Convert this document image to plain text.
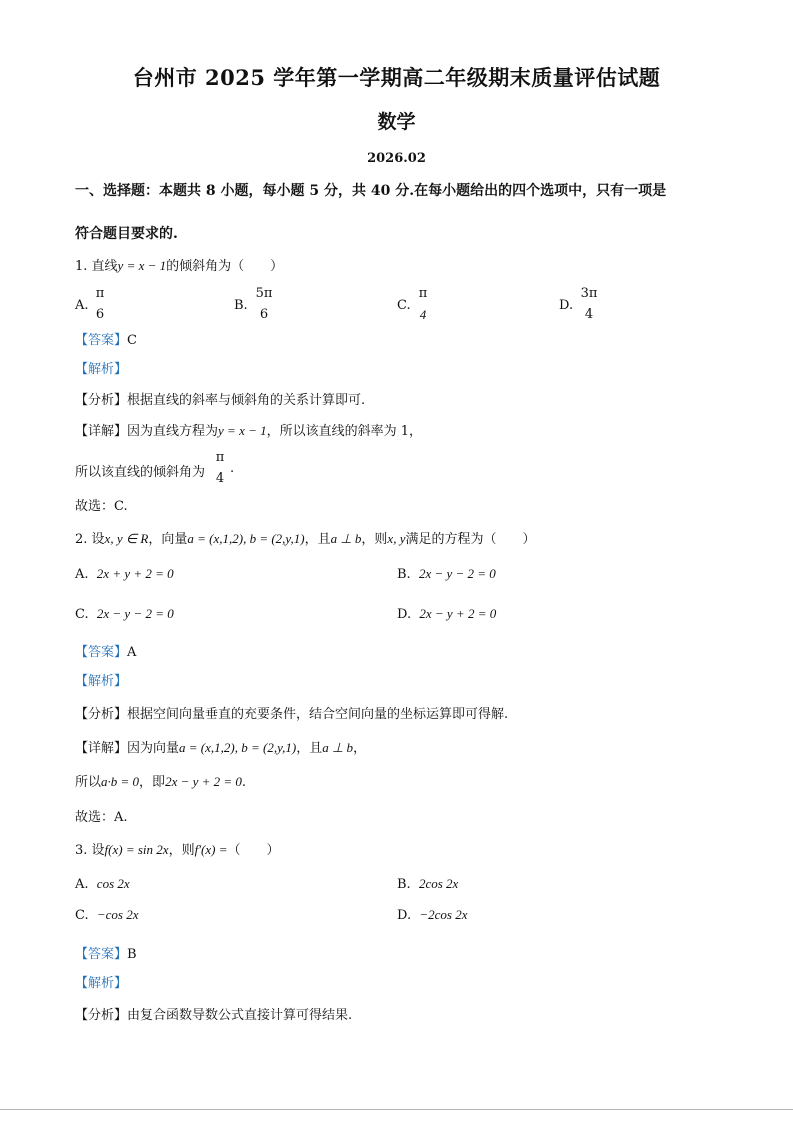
台州市 2025 学年第一学期高二年级期末质量评估试题
数学
2026.02
一、选择题：本题共 8 小题，每小题 5 分，共 40 分.在每小题给出的四个选项中，只有一项是
符合题目要求的.
1. 直线y = x − 1的倾斜角为（　　）
A.
π
6
B.
5π
6
C.
π
4
D.
3π
4
【答案】C
【解析】
【分析】根据直线的斜率与倾斜角的关系计算即可.
【详解】因为直线方程为y = x − 1，所以该直线的斜率为 1，
所以该直线的倾斜角为
π
4
.
故选：C.
2. 设x, y ∈ R，向量a = (x,1,2), b = (2,y,1)，且a ⊥ b，则x, y满足的方程为（　　）
A. 2x + y + 2 = 0	B. 2x − y − 2 = 0
C. 2x − y − 2 = 0	D. 2x − y + 2 = 0
【答案】A
【解析】
【分析】根据空间向量垂直的充要条件，结合空间向量的坐标运算即可得解.
【详解】因为向量a = (x,1,2), b = (2,y,1)，且a ⊥ b，
所以a·b = 0，即2x − y + 2 = 0.
故选：A.
3. 设f(x) = sin 2x，则f′(x) =（　　）
A. cos 2x	B. 2cos 2x
C. −cos 2x	D. −2cos 2x
【答案】B
【解析】
【分析】由复合函数导数公式直接计算可得结果.
